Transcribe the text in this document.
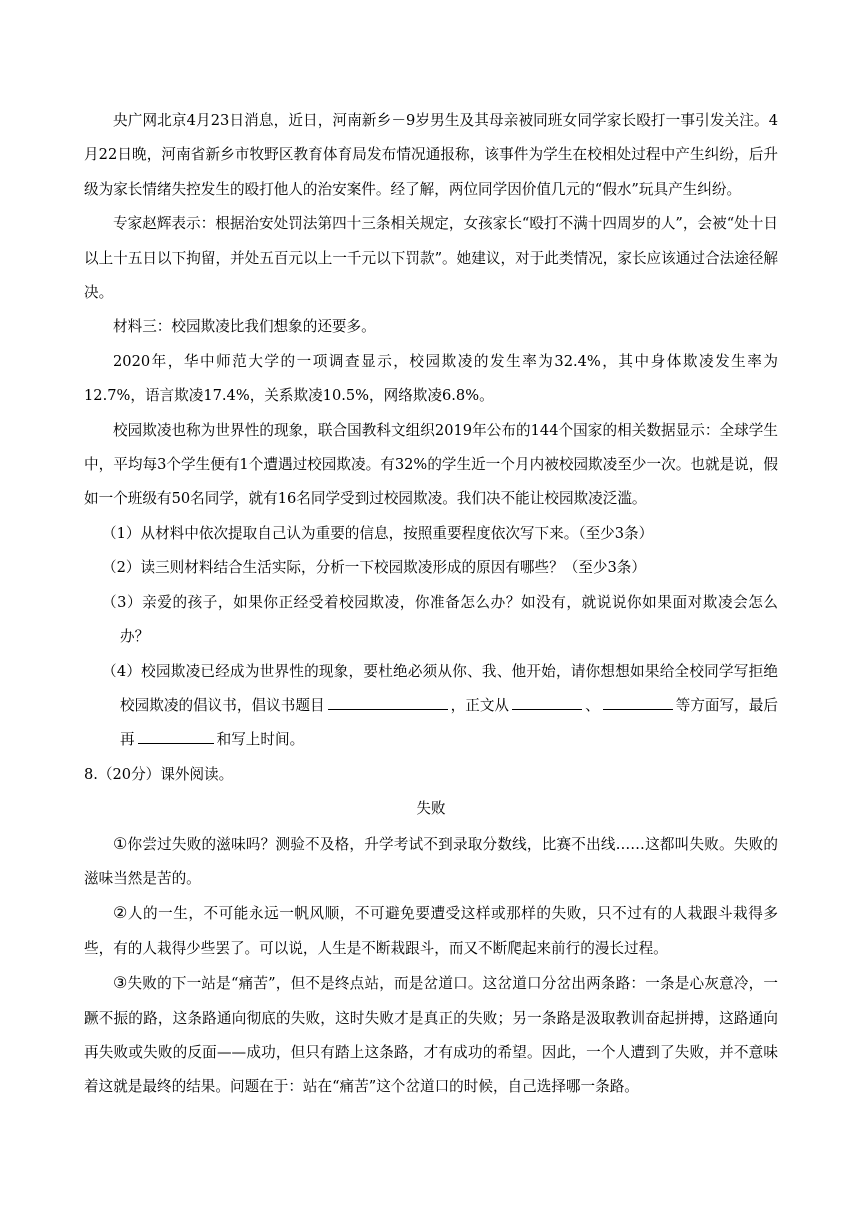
央广网北京4月23日消息，近日，河南新乡－9岁男生及其母亲被同班女同学家长殴打一事引发关注。4月22日晚，河南省新乡市牧野区教育体育局发布情况通报称，该事件为学生在校相处过程中产生纠纷，后升级为家长情绪失控发生的殴打他人的治安案件。经了解，两位同学因价值几元的“假水”玩具产生纠纷。

专家赵辉表示：根据治安处罚法第四十三条相关规定，女孩家长“殴打不满十四周岁的人”，会被“处十日以上十五日以下拘留，并处五百元以上一千元以下罚款”。她建议，对于此类情况，家长应该通过合法途径解决。

材料三：校园欺凌比我们想象的还要多。

2020年，华中师范大学的一项调查显示，校园欺凌的发生率为32.4%，其中身体欺凌发生率为12.7%，语言欺凌17.4%，关系欺凌10.5%，网络欺凌6.8%。

校园欺凌也称为世界性的现象，联合国教科文组织2019年公布的144个国家的相关数据显示：全球学生中，平均每3个学生便有1个遭遇过校园欺凌。有32%的学生近一个月内被校园欺凌至少一次。也就是说，假如一个班级有50名同学，就有16名同学受到过校园欺凌。我们决不能让校园欺凌泛滥。

（1）从材料中依次提取自己认为重要的信息，按照重要程度依次写下来。（至少3条）

（2）读三则材料结合生活实际，分析一下校园欺凌形成的原因有哪些？（至少3条）

（3）亲爱的孩子，如果你正经受着校园欺凌，你准备怎么办？如没有，就说说你如果面对欺凌会怎么办？

（4）校园欺凌已经成为世界性的现象，要杜绝必须从你、我、他开始，请你想想如果给全校同学写拒绝校园欺凌的倡议书，倡议书题目	，正文从	、	等方面写，最后再	和写上时间。

8.（20分）课外阅读。

失败

①你尝过失败的滋味吗？测验不及格，升学考试不到录取分数线，比赛不出线……这都叫失败。失败的滋味当然是苦的。

②人的一生，不可能永远一帆风顺，不可避免要遭受这样或那样的失败，只不过有的人栽跟斗栽得多些，有的人栽得少些罢了。可以说，人生是不断栽跟斗，而又不断爬起来前行的漫长过程。

③失败的下一站是“痛苦”，但不是终点站，而是岔道口。这岔道口分岔出两条路：一条是心灰意冷，一蹶不振的路，这条路通向彻底的失败，这时失败才是真正的失败；另一条路是汲取教训奋起拼搏，这路通向再失败或失败的反面——成功，但只有踏上这条路，才有成功的希望。因此，一个人遭到了失败，并不意味着这就是最终的结果。问题在于：站在“痛苦”这个岔道口的时候，自己选择哪一条路。
